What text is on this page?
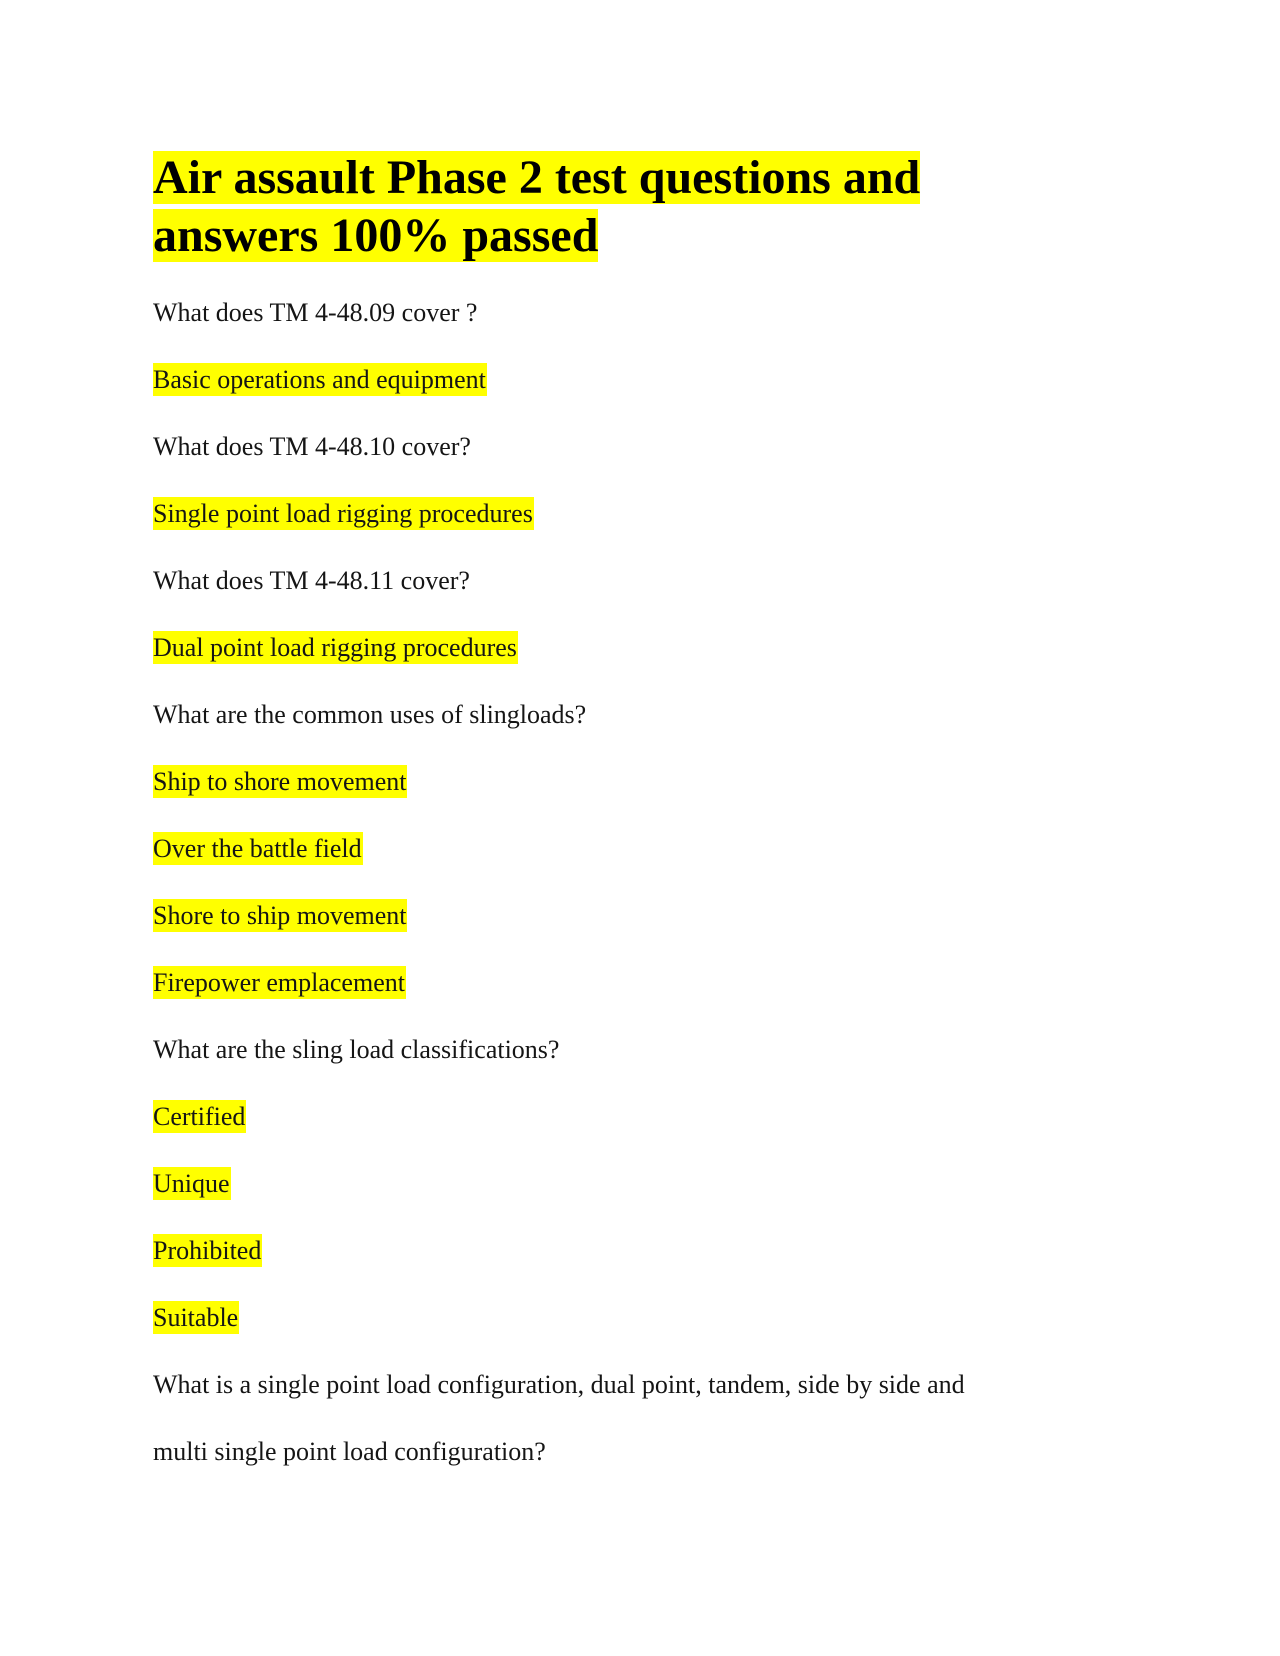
Air assault Phase 2 test questions and
answers 100% passed

What does TM 4-48.09 cover ?

Basic operations and equipment

What does TM 4-48.10 cover?

Single point load rigging procedures

What does TM 4-48.11 cover?

Dual point load rigging procedures

What are the common uses of slingloads?

Ship to shore movement

Over the battle field

Shore to ship movement

Firepower emplacement

What are the sling load classifications?

Certified

Unique

Prohibited

Suitable

What is a single point load configuration, dual point, tandem, side by side and

multi single point load configuration?
